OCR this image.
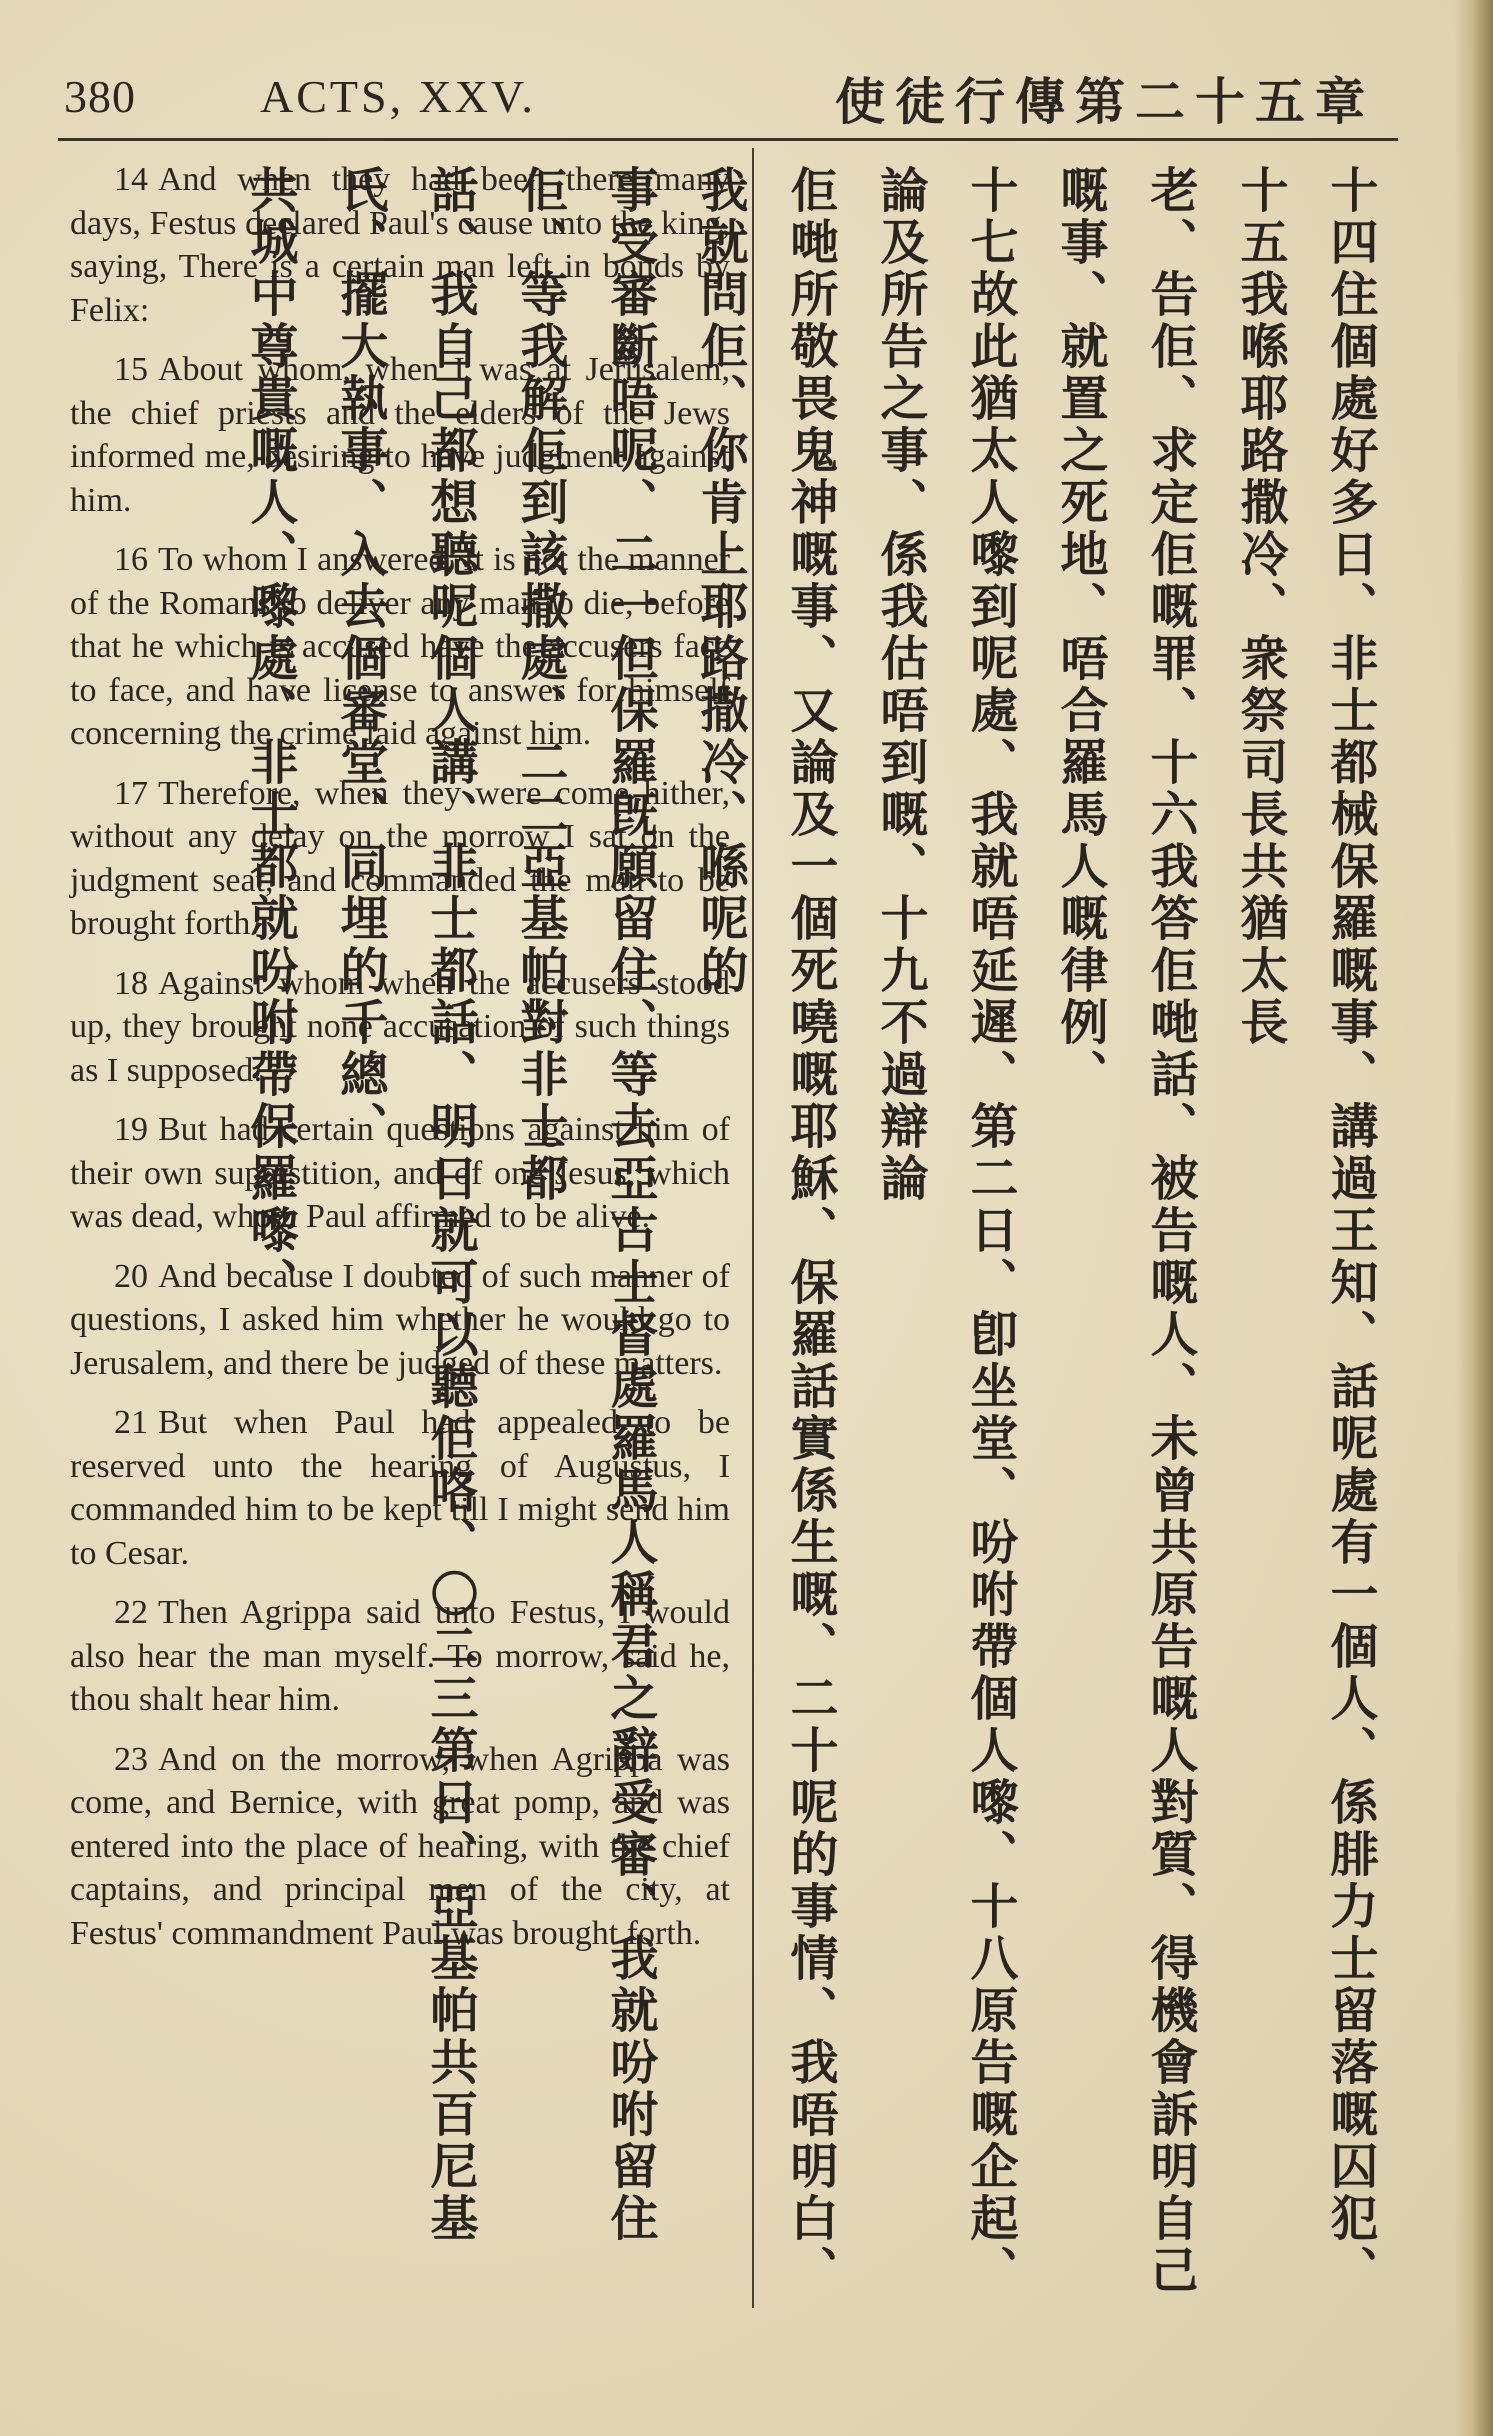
380	ACTS, XXV.	使徒行傳第二十五章

14 And when they had been there many days, Festus declared Paul's cause unto the king, saying, There is a certain man left in bonds by Felix:

15 About whom, when I was at Jerusalem, the chief priests and the elders of the Jews informed me, desiring to have judgment against him.

16 To whom I answered, It is not the manner of the Romans to deliver any man to die, before that he which is accused have the accusers face to face, and have license to answer for himself concerning the crime laid against him.

17 Therefore, when they were come hither, without any delay on the morrow I sat on the judgment seat, and commanded the man to be brought forth.

18 Against whom when the accusers stood up, they brought none accusation of such things as I supposed:

19 But had certain questions against him of their own superstition, and of one Jesus, which was dead, whom Paul affirmed to be alive.

20 And because I doubted of such manner of questions, I asked him whether he would go to Jerusalem, and there be judged of these matters.

21 But when Paul had appealed to be reserved unto the hearing of Augustus, I commanded him to be kept till I might send him to Cesar.

22 Then Agrippa said unto Festus, I would also hear the man myself. To morrow, said he, thou shalt hear him.

23 And on the morrow, when Agrippa was come, and Bernice, with great pomp, and was entered into the place of hearing, with the chief captains, and principal men of the city, at Festus' commandment Paul was brought forth.	十四住個處好多日、非士都械保羅嘅事、講過王知、話呢處有一個人、係腓力士留落嘅囚犯、十五我喺耶路撒冷、衆祭司長共猶太長

老、告佢、求定佢嘅罪、十六我答佢哋話、被告嘅人、未曾共原告嘅人對質、得機會訴明自己嘅事、就置之死地、唔合羅馬人嘅律例、

十七故此猶太人嚟到呢處、我就唔延遲、第二日、卽坐堂、吩咐帶個人嚟、十八原告嘅企起、論及所告之事、係我估唔到嘅、十九不過辯論

佢哋所敬畏鬼神嘅事、又論及一個死嘵嘅耶穌、保羅話實係生嘅、二十呢的事情、我唔明白、我就問佢、你肯上耶路撒冷、喺呢的

事受審斷唔呢、二一但保羅旣願留住、等去亞古士督處羅馬人稱君之辭受審、我就吩咐留住佢、等我解佢到該撒處、二二亞基帕對非士都

話、我自己都想聽呢個人講、非士都話、明日就可以聽佢咯、〇二三第日、亞基帕共百尼基氏、擺大執事、入去個審堂、同埋的千總、

共城中尊貴嘅人、嚟處、非士都就吩咐帶保羅嚟、
